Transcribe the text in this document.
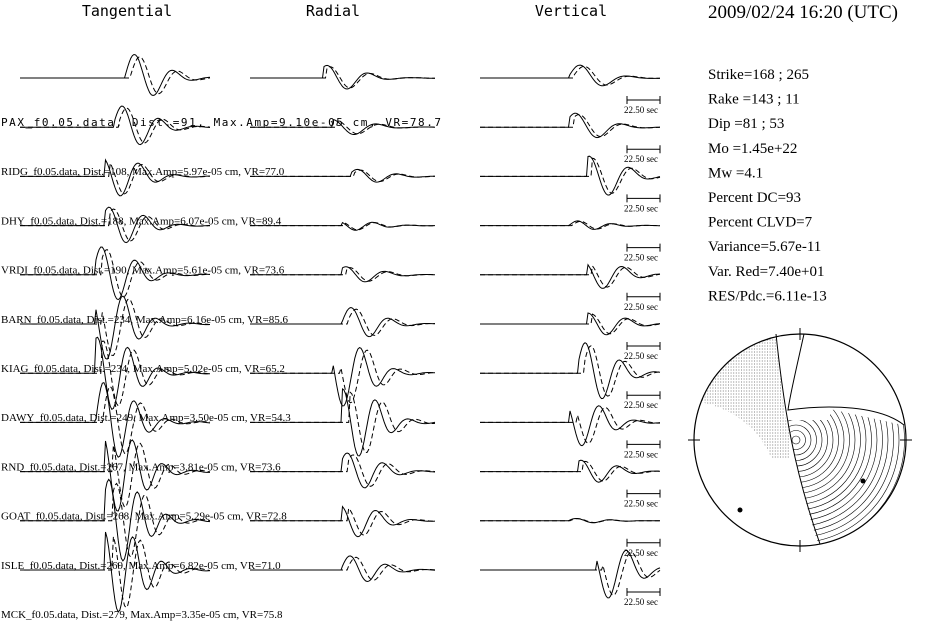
Tangential	Radial	Vertical	2009/02/24 16:20 (UTC)
Strike=168 ; 265
Rake =143 ; 11
Dip =81 ; 53
Mo =1.45e+22
Mw =4.1
Percent DC=93
Percent CLVD=7
Variance=5.67e-11
Var. Red=7.40e+01
RES/Pdc.=6.11e-13
PAX_f0.05.data, Dist.=91, Max.Amp=9.10e-05 cm, VR=78.7
RIDG_f0.05.data, Dist.=108, Max.Amp=5.97e-05 cm, VR=77.0
DHY_f0.05.data, Dist.=188, Max.Amp=6.07e-05 cm, VR=89.4
VRDI_f0.05.data, Dist.=190, Max.Amp=5.61e-05 cm, VR=73.6
BARN_f0.05.data, Dist.=234, Max.Amp=6.16e-05 cm, VR=85.6
KIAG_f0.05.data, Dist.=234, Max.Amp=5.02e-05 cm, VR=65.2
DAWY_f0.05.data, Dist.=249, Max.Amp=3.50e-05 cm, VR=54.3
RND_f0.05.data, Dist.=267, Max.Amp=3.81e-05 cm, VR=73.6
GOAT_f0.05.data, Dist.=268, Max.Amp=5.29e-05 cm, VR=72.8
ISLE_f0.05.data, Dist.=269, Max.Amp=6.82e-05 cm, VR=71.0
MCK_f0.05.data, Dist.=279, Max.Amp=3.35e-05 cm, VR=75.8
22.50 sec
22.50 sec
22.50 sec
22.50 sec
22.50 sec
22.50 sec
22.50 sec
22.50 sec
22.50 sec
22.50 sec
22.50 sec
